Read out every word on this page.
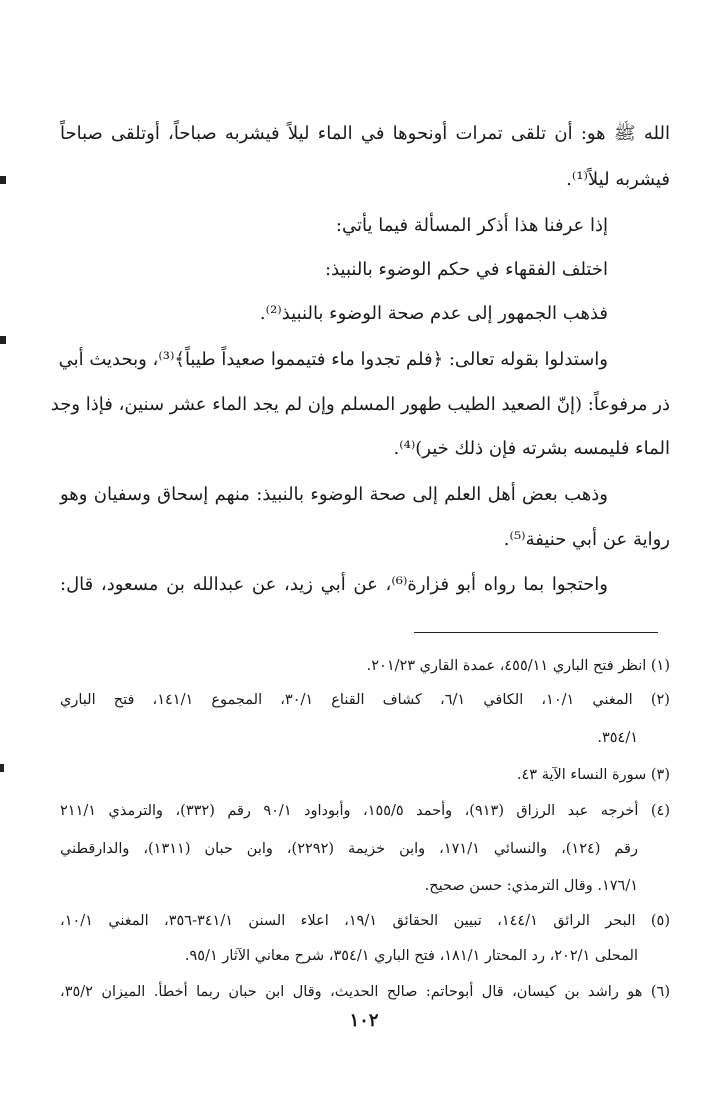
الله ﷺ هو: أن تلقى تمرات أونحوها في الماء ليلاً فيشربه صباحاً، أوتلقى صباحاً
فيشربه ليلاً⁽¹⁾.
إذا عرفنا هذا أذكر المسألة فيما يأتي:
اختلف الفقهاء في حكم الوضوء بالنبيذ:
فذهب الجمهور إلى عدم صحة الوضوء بالنبيذ⁽²⁾.
واستدلوا بقوله تعالى: ﴿فلم تجدوا ماء فتيمموا صعيداً طيباً﴾⁽³⁾، وبحديث أبي
ذر مرفوعاً: (إنّ الصعيد الطيب طهور المسلم وإن لم يجد الماء عشر سنين، فإذا وجد
الماء فليمسه بشرته فإن ذلك خير)⁽⁴⁾.
وذهب بعض أهل العلم إلى صحة الوضوء بالنبيذ: منهم إسحاق وسفيان وهو
رواية عن أبي حنيفة⁽⁵⁾.
واحتجوا بما رواه أبو فزارة⁽⁶⁾، عن أبي زيد، عن عبدالله بن مسعود، قال:
(١) انظر فتح الباري ٤٥٥/١١، عمدة القاري ٢٠١/٢٣.
(٢) المغني ١٠/١، الكافي ٦/١، كشاف القناع ٣٠/١، المجموع ١٤١/١، فتح الباري
٣٥٤/١.
(٣) سورة النساء الآية ٤٣.
(٤) أخرجه عبد الرزاق (٩١٣)، وأحمد ١٥٥/٥، وأبوداود ٩٠/١ رقم (٣٣٢)، والترمذي ٢١١/١
رقم (١٢٤)، والنسائي ١٧١/١، وابن خزيمة (٢٢٩٢)، وابن حبان (١٣١١)، والدارقطني
١٧٦/١. وقال الترمذي: حسن صحيح.
(٥) البحر الرائق ١٤٤/١، تبيين الحقائق ١٩/١، اعلاء السنن ٣٤١/١-٣٥٦، المغني ١٠/١،
المحلى ٢٠٢/١، رد المحتار ١٨١/١، فتح الباري ٣٥٤/١، شرح معاني الآثار ٩٥/١.
(٦) هو راشد بن كيسان، قال أبوحاتم: صالح الحديث، وقال ابن حبان ربما أخطأ. الميزان ٣٥/٢،
١٠٢
